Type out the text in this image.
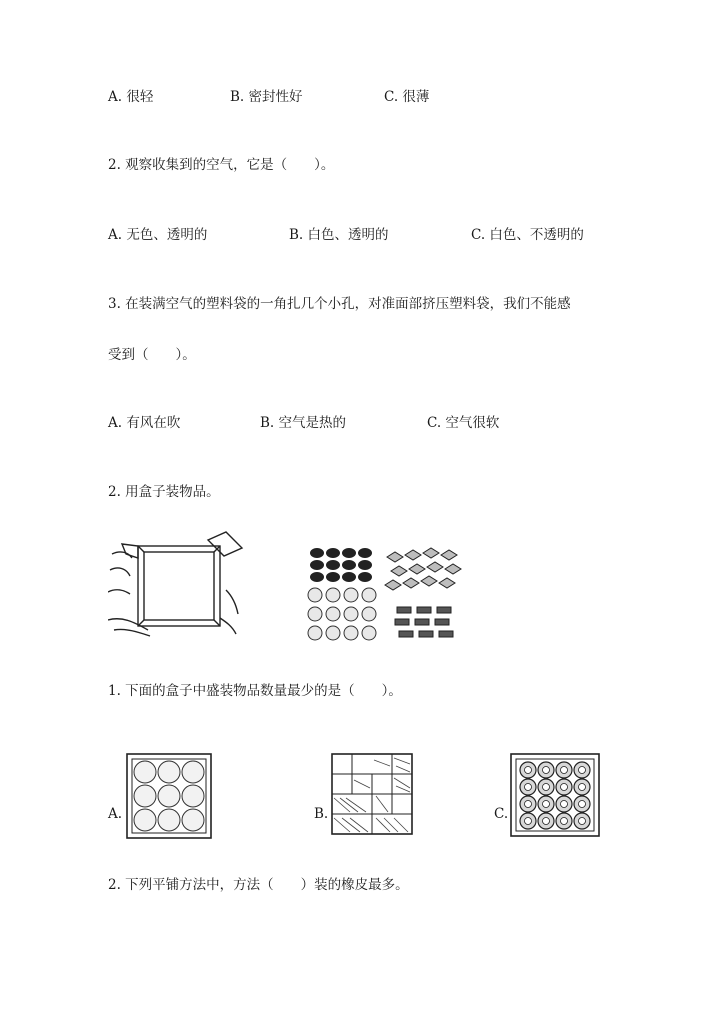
A. 很轻	B. 密封性好	C. 很薄
2. 观察收集到的空气，它是（　　）。
A. 无色、透明的	B. 白色、透明的	C. 白色、不透明的
3. 在装满空气的塑料袋的一角扎几个小孔，对准面部挤压塑料袋，我们不能感
受到（　　）。
A. 有风在吹	B. 空气是热的	C. 空气很软
2. 用盒子装物品。
1. 下面的盒子中盛装物品数量最少的是（　　）。
A.	B.	C.
2. 下列平铺方法中，方法（　　）装的橡皮最多。
